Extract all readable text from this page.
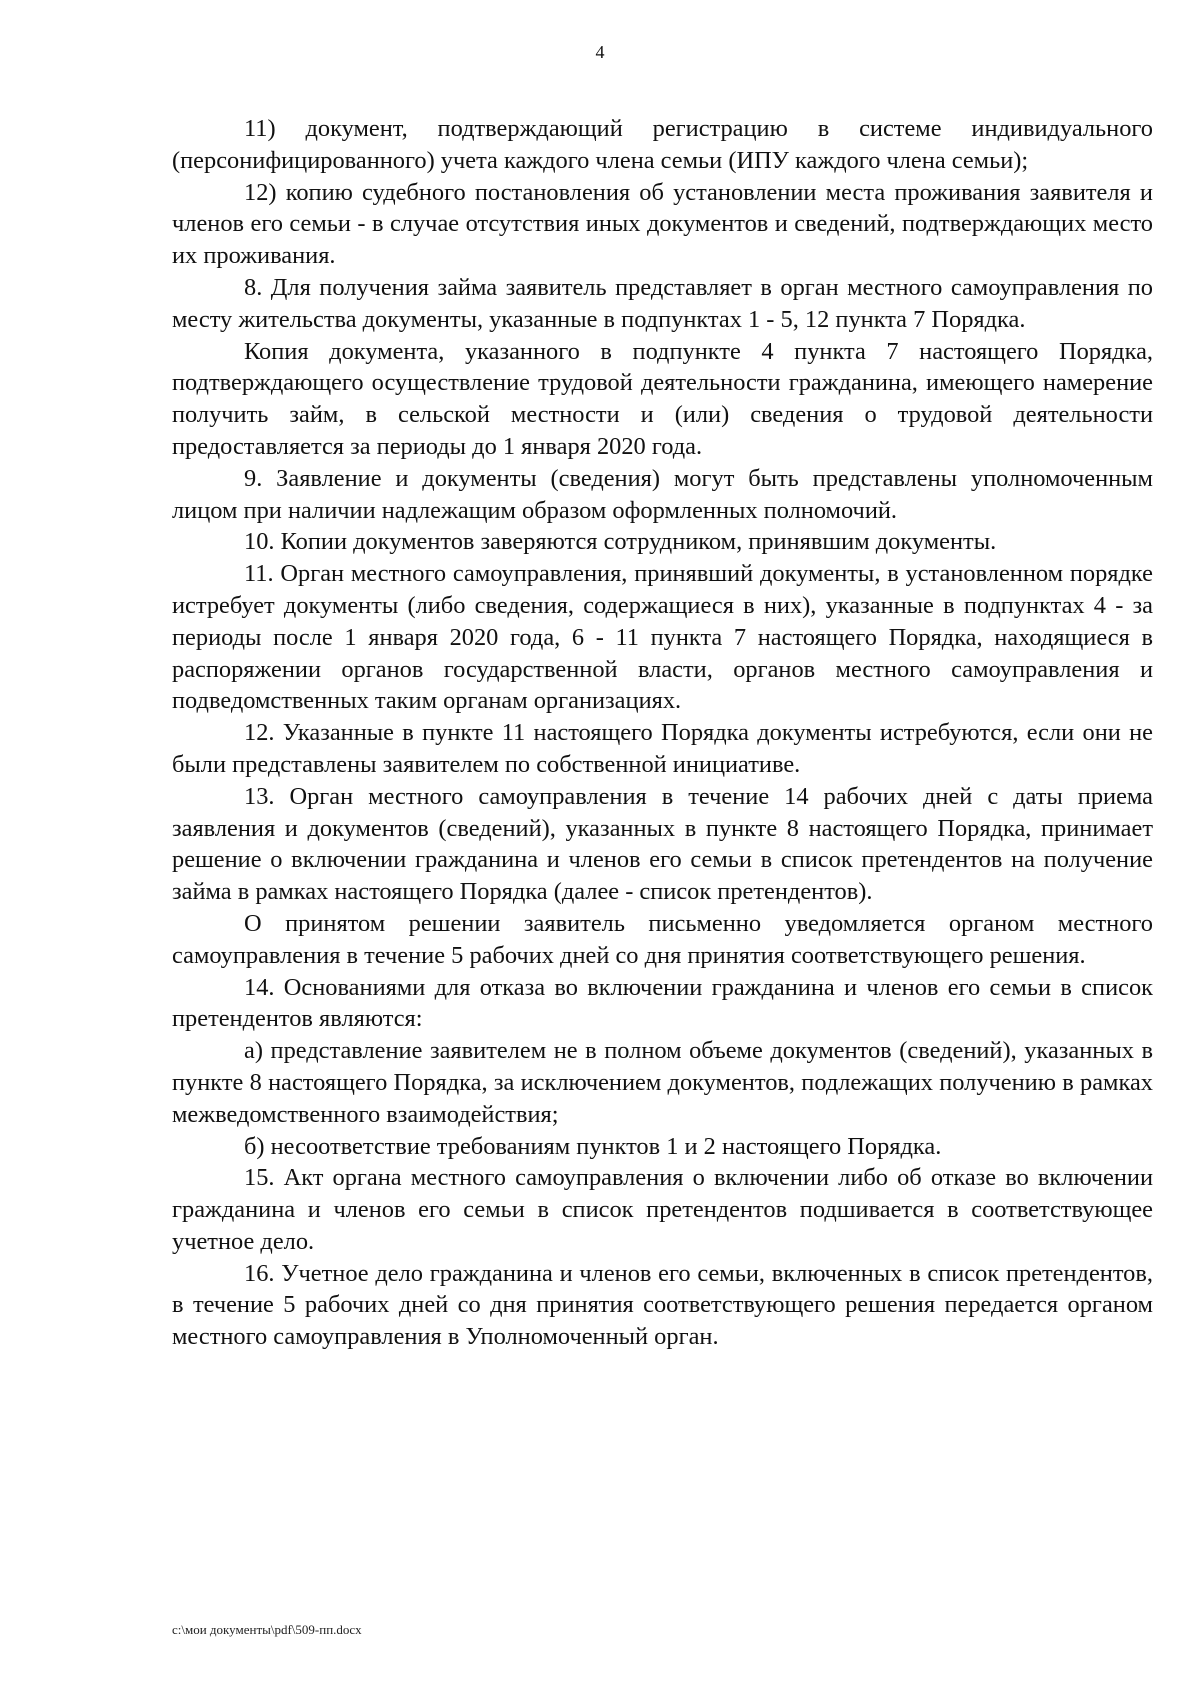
4

11) документ, подтверждающий регистрацию в системе индивидуального (персонифицированного) учета каждого члена семьи (ИПУ каждого члена семьи);

12) копию судебного постановления об установлении места проживания заявителя и членов его семьи - в случае отсутствия иных документов и сведений, подтверждающих место их проживания.

8. Для получения займа заявитель представляет в орган местного самоуправления по месту жительства документы, указанные в подпунктах 1 - 5, 12 пункта 7 Порядка.

Копия документа, указанного в подпункте 4 пункта 7 настоящего Порядка, подтверждающего осуществление трудовой деятельности гражданина, имеющего намерение получить займ, в сельской местности и (или) сведения о трудовой деятельности предоставляется за периоды до 1 января 2020 года.

9. Заявление и документы (сведения) могут быть представлены уполномоченным лицом при наличии надлежащим образом оформленных полномочий.

10. Копии документов заверяются сотрудником, принявшим документы.

11. Орган местного самоуправления, принявший документы, в установленном порядке истребует документы (либо сведения, содержащиеся в них), указанные в подпунктах 4 - за периоды после 1 января 2020 года, 6 - 11 пункта 7 настоящего Порядка, находящиеся в распоряжении органов государственной власти, органов местного самоуправления и подведомственных таким органам организациях.

12. Указанные в пункте 11 настоящего Порядка документы истребуются, если они не были представлены заявителем по собственной инициативе.

13. Орган местного самоуправления в течение 14 рабочих дней с даты приема заявления и документов (сведений), указанных в пункте 8 настоящего Порядка, принимает решение о включении гражданина и членов его семьи в список претендентов на получение займа в рамках настоящего Порядка (далее - список претендентов).

О принятом решении заявитель письменно уведомляется органом местного самоуправления в течение 5 рабочих дней со дня принятия соответствующего решения.

14. Основаниями для отказа во включении гражданина и членов его семьи в список претендентов являются:

а) представление заявителем не в полном объеме документов (сведений), указанных в пункте 8 настоящего Порядка, за исключением документов, подлежащих получению в рамках межведомственного взаимодействия;

б) несоответствие требованиям пунктов 1 и 2 настоящего Порядка.

15. Акт органа местного самоуправления о включении либо об отказе во включении гражданина и членов его семьи в список претендентов подшивается в соответствующее учетное дело.

16. Учетное дело гражданина и членов его семьи, включенных в список претендентов, в течение 5 рабочих дней со дня принятия соответствующего решения передается органом местного самоуправления в Уполномоченный орган.

c:\мои документы\pdf\509-пп.docx
